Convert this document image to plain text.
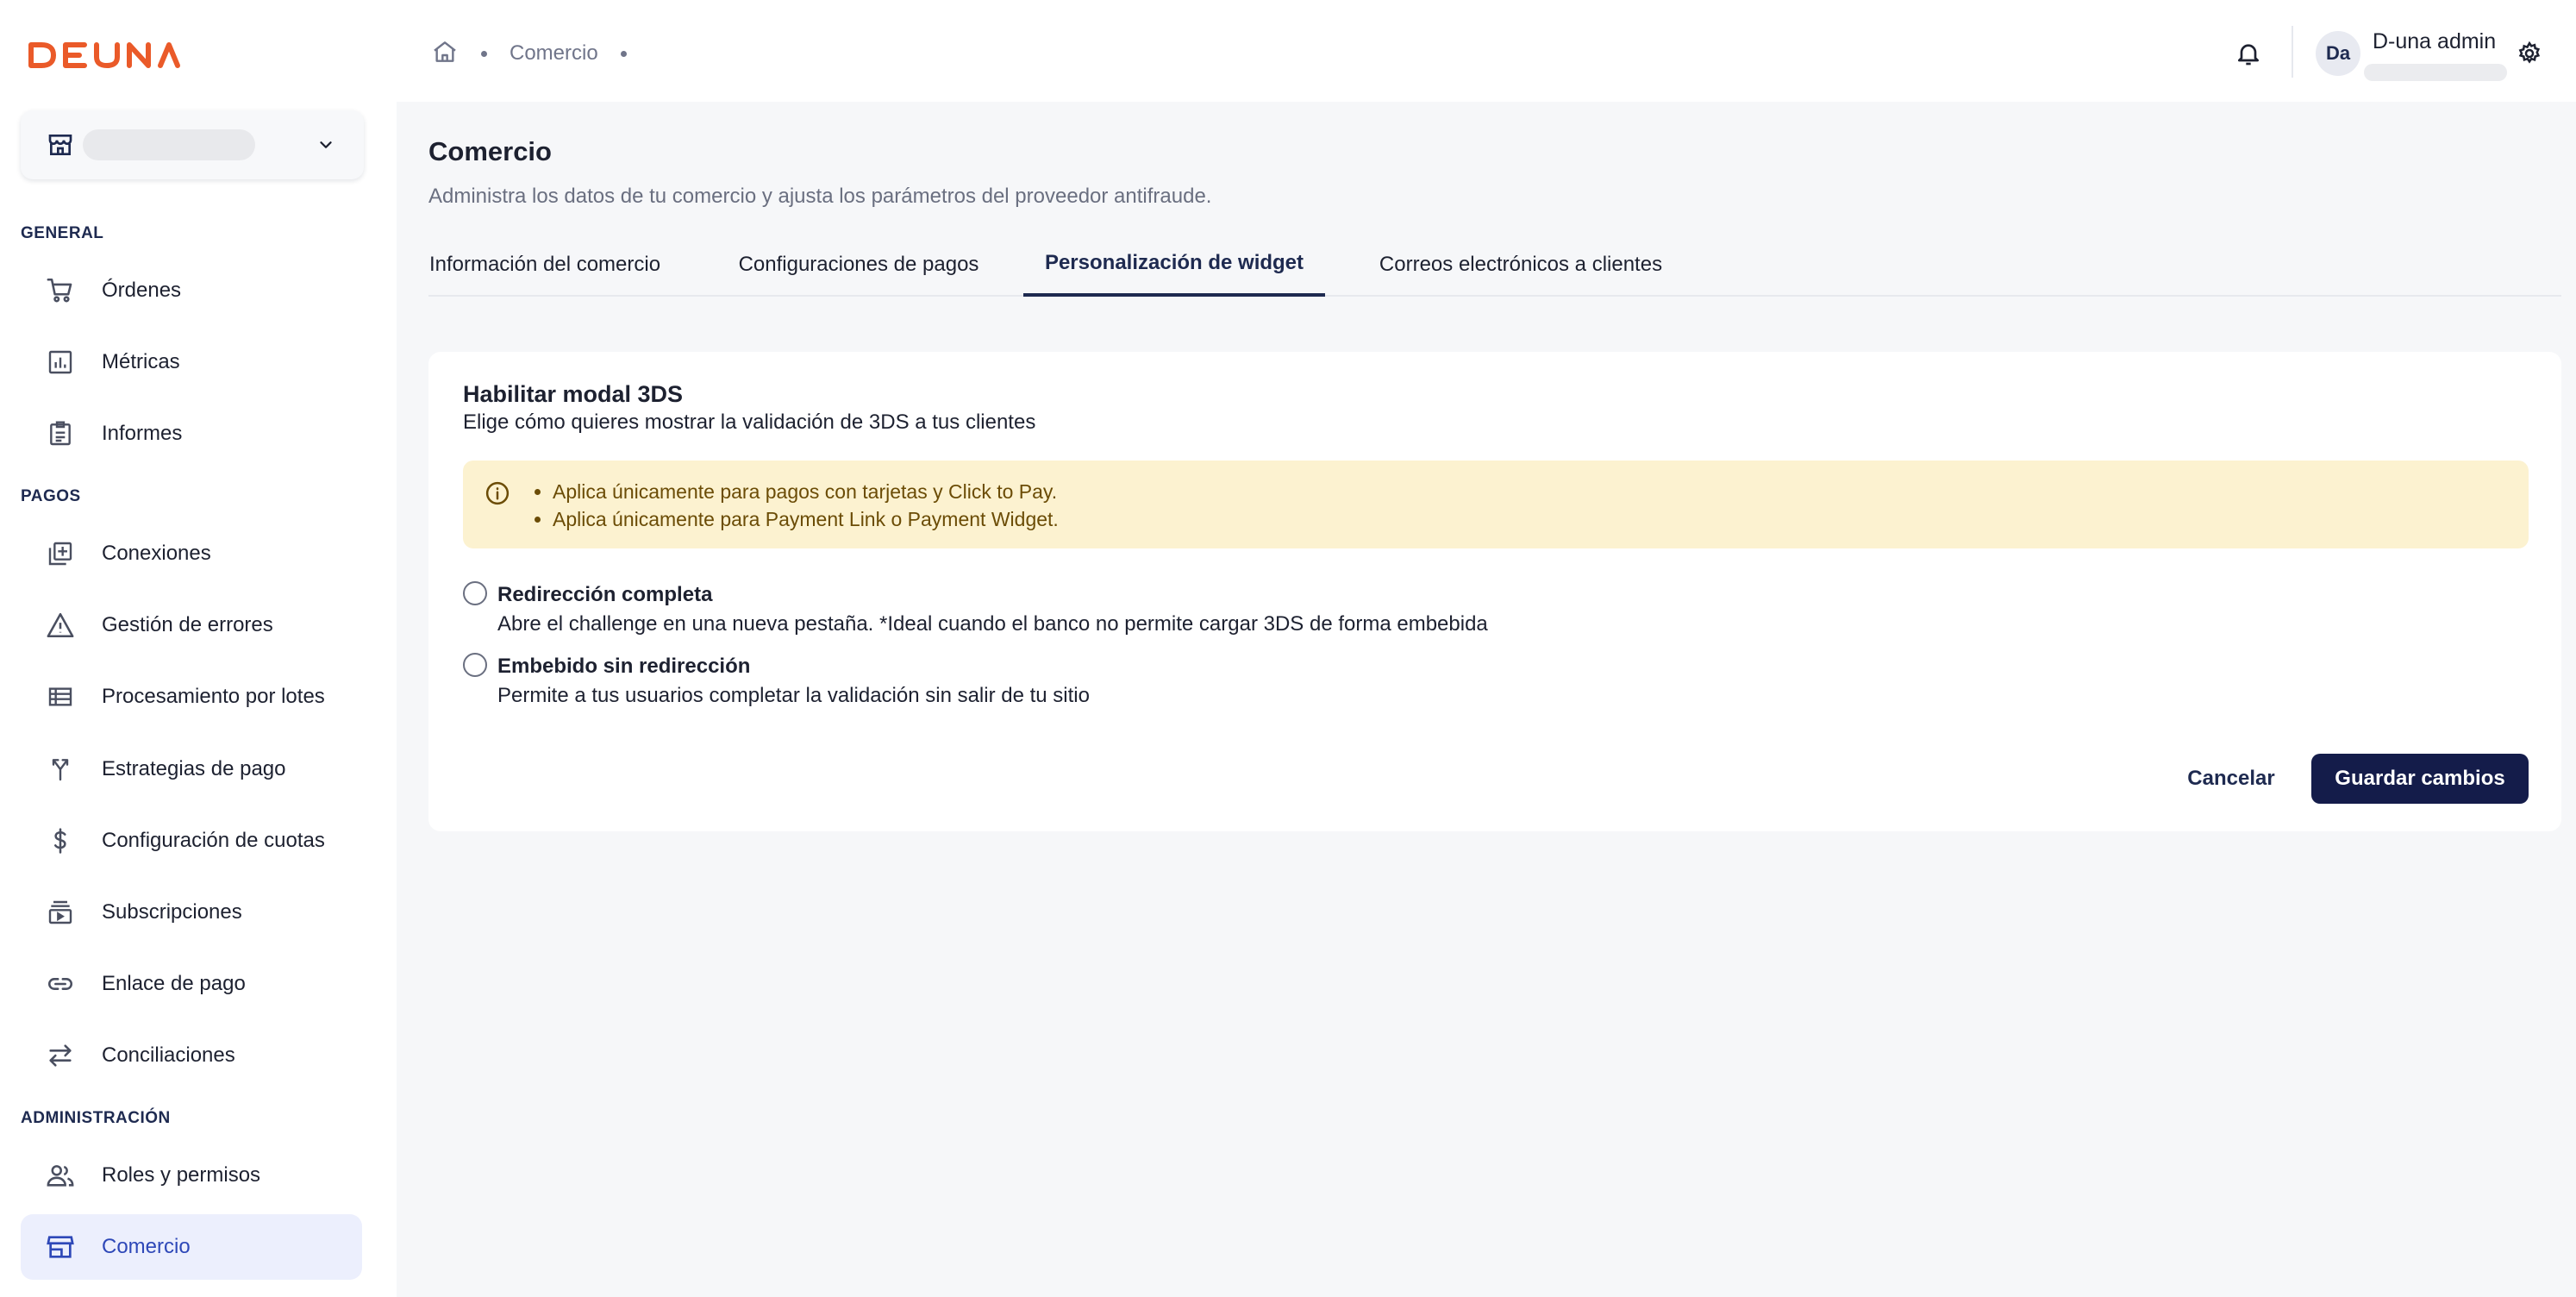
GENERAL
Órdenes
Métricas
Informes
PAGOS
Conexiones
Gestión de errores
Procesamiento por lotes
Estrategias de pago
Configuración de cuotas
Subscripciones
Enlace de pago
Conciliaciones
ADMINISTRACIÓN
Roles y permisos
Comercio
Comercio	Da	D-una admin
Comercio

Administra los datos de tu comercio y ajusta los parámetros del proveedor antifraude.

Información del comercio	Configuraciones de pagos	Personalización de widget	Correos electrónicos a clientes
Habilitar modal 3DS

Elige cómo quieres mostrar la validación de 3DS a tus clientes

• Aplica únicamente para pagos con tarjetas y Click to Pay.
• Aplica únicamente para Payment Link o Payment Widget.
Redirección completa
Abre el challenge en una nueva pestaña. *Ideal cuando el banco no permite cargar 3DS de forma embebida
Embebido sin redirección
Permite a tus usuarios completar la validación sin salir de tu sitio
Cancelar	Guardar cambios
